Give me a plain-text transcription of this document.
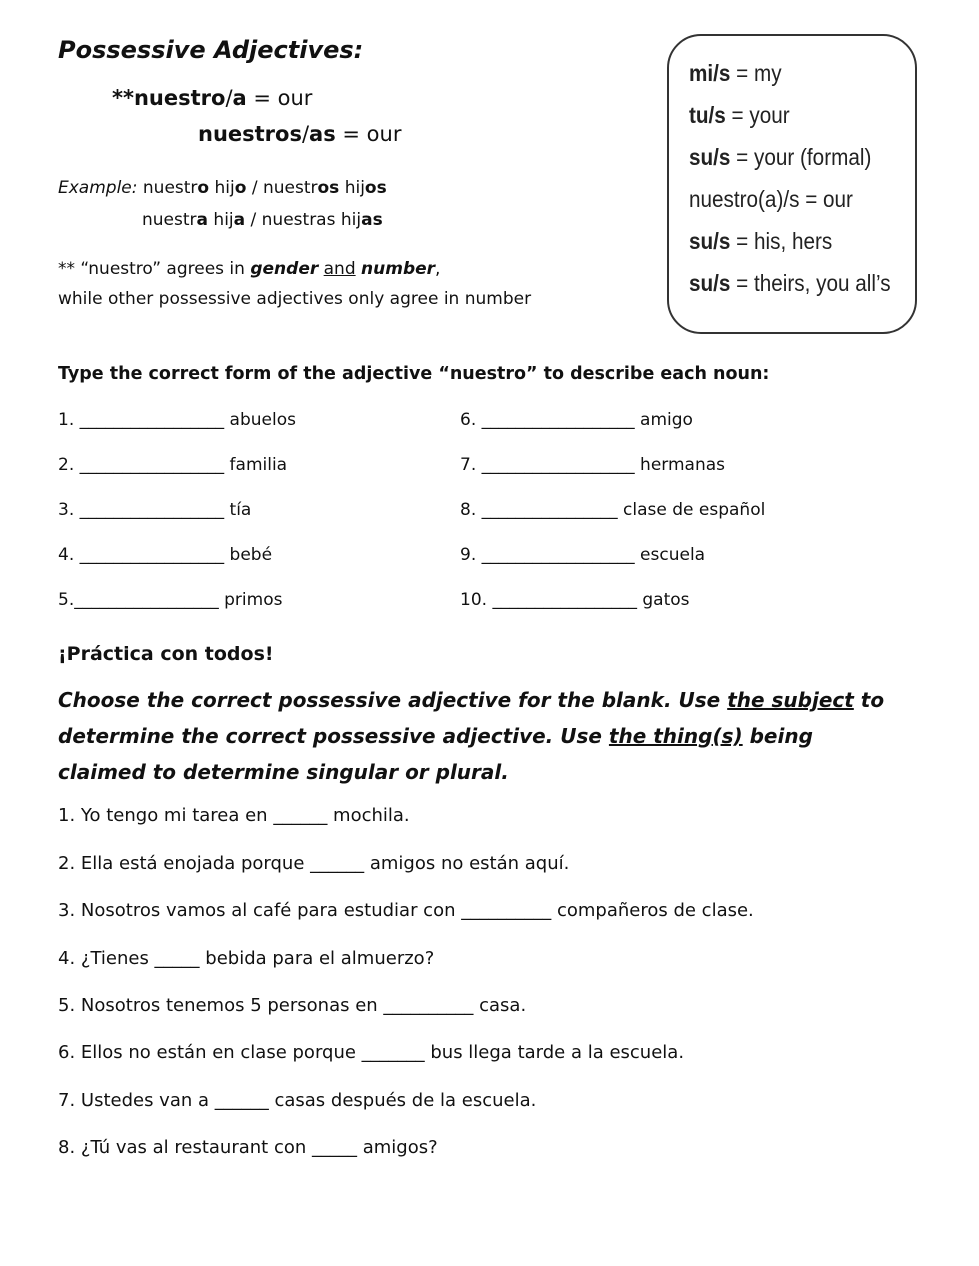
Possessive Adjectives:
**nuestro/a = our
nuestros/as = our
Example: nuestro hijo / nuestros hijos
nuestra hija / nuestras hijas
** “nuestro” agrees in gender and number,
while other possessive adjectives only agree in number
mi/s = my
tu/s = your
su/s = your (formal)
nuestro(a)/s = our
su/s = his, hers
su/s = theirs, you all’s
Type the correct form of the adjective “nuestro” to describe each noun:
1. _________________ abuelos
2. _________________ familia
3. _________________ tía
4. _________________ bebé
5._________________ primos
6. __________________ amigo
7. __________________ hermanas
8. ________________ clase de español
9. __________________ escuela
10. _________________ gatos
¡Práctica con todos!
Choose the correct possessive adjective for the blank. Use the subject to determine the correct possessive adjective. Use the thing(s) being claimed to determine singular or plural.
1. Yo tengo mi tarea en ______ mochila.
2. Ella está enojada porque ______ amigos no están aquí.
3. Nosotros vamos al café para estudiar con __________ compañeros de clase.
4. ¿Tienes _____ bebida para el almuerzo?
5. Nosotros tenemos 5 personas en __________ casa.
6. Ellos no están en clase porque _______ bus llega tarde a la escuela.
7. Ustedes van a ______ casas después de la escuela.
8. ¿Tú vas al restaurant con _____ amigos?
